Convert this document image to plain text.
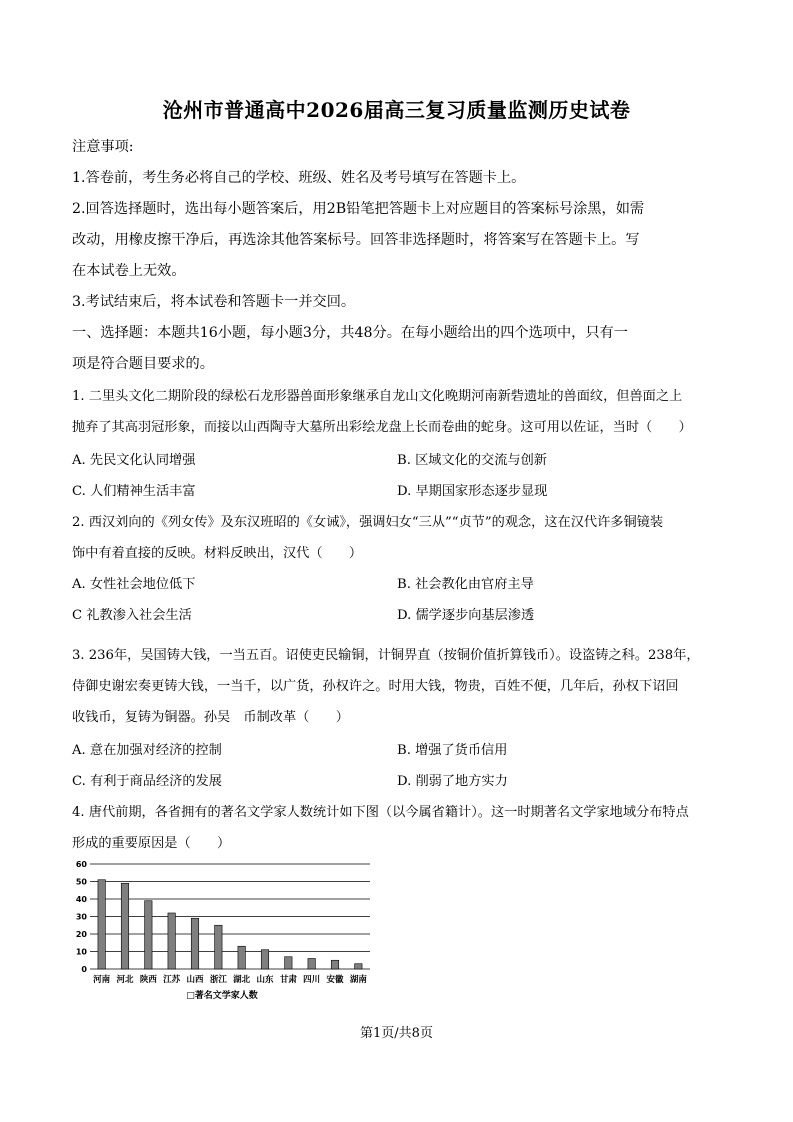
沧州市普通高中2026届高三复习质量监测历史试卷
注意事项:
1.答卷前，考生务必将自己的学校、班级、姓名及考号填写在答题卡上。
2.回答选择题时，选出每小题答案后，用2B铅笔把答题卡上对应题目的答案标号涂黑，如需
改动，用橡皮擦干净后，再选涂其他答案标号。回答非选择题时，将答案写在答题卡上。写
在本试卷上无效。
3.考试结束后，将本试卷和答题卡一并交回。
一、选择题：本题共16小题，每小题3分，共48分。在每小题给出的四个选项中，只有一
项是符合题目要求的。
1. 二里头文化二期阶段的绿松石龙形器兽面形象继承自龙山文化晚期河南新砦遗址的兽面纹，但兽面之上
抛弃了其高羽冠形象，而接以山西陶寺大墓所出彩绘龙盘上长而卷曲的蛇身。这可用以佐证，当时（　　）
A. 先民文化认同增强	B. 区域文化的交流与创新
C. 人们精神生活丰富	D. 早期国家形态逐步显现
2. 西汉刘向的《列女传》及东汉班昭的《女诫》，强调妇女“三从”“贞节”的观念，这在汉代许多铜镜装
饰中有着直接的反映。材料反映出，汉代（　　）
A. 女性社会地位低下	B. 社会教化由官府主导
C 礼教渗入社会生活	D. 儒学逐步向基层渗透
3. 236年，吴国铸大钱，一当五百。诏使吏民输铜，计铜畀直（按铜价值折算钱币）。设盗铸之科。238年，
侍御史谢宏奏更铸大钱，一当千，以广货，孙权许之。时用大钱，物贵，百姓不便，几年后，孙权下诏回
收钱币，复铸为铜器。孙吴　币制改革（　　）
A. 意在加强对经济的控制	B. 增强了货币信用
C. 有利于商品经济的发展	D. 削弱了地方实力
4. 唐代前期，各省拥有的著名文学家人数统计如下图（以今属省籍计）。这一时期著名文学家地域分布特点
形成的重要原因是（　　）
0
10
20
30
40
50
60
河南 河北 陕西 江苏 山西 浙江 湖北 山东 甘肃 四川 安徽 湖南
□著名文学家人数
第1页/共8页
